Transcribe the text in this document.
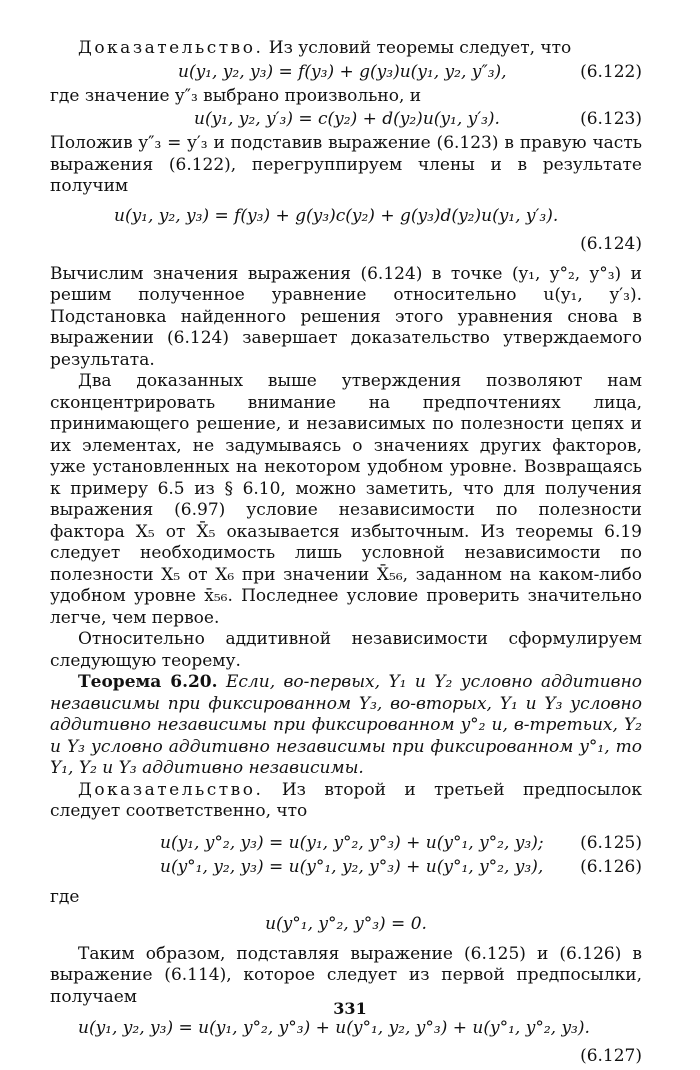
Доказательство. Из условий теоремы следует, что

u(y₁, y₂, y₃) = f(y₃) + g(y₃)u(y₁, y₂, y″₃),	(6.122)

где значение y″₃ выбрано произвольно, и

u(y₁, y₂, y′₃) = c(y₂) + d(y₂)u(y₁, y′₃).	(6.123)

Положив y″₃ = y′₃ и подставив выражение (6.123) в правую часть выражения (6.122), перегруппируем члены и в результате получим

u(y₁, y₂, y₃) = f(y₃) + g(y₃)c(y₂) + g(y₃)d(y₂)u(y₁, y′₃).
(6.124)

Вычислим значения выражения (6.124) в точке (y₁, y°₂, y°₃) и решим полученное уравнение относительно u(y₁, y′₃). Подстановка найденного решения этого уравнения снова в выражении (6.124) завершает доказательство утверждаемого результата.

Два доказанных выше утверждения позволяют нам сконцентрировать внимание на предпочтениях лица, принимающего решение, и независимых по полезности цепях и их элементах, не задумываясь о значениях других факторов, уже установленных на некотором удобном уровне. Возвращаясь к примеру 6.5 из § 6.10, можно заметить, что для получения выражения (6.97) условие независимости по полезности фактора X₅ от X̄₅ оказывается избыточным. Из теоремы 6.19 следует необходимость лишь условной независимости по полезности X₅ от X₆ при значении X̄₅₆, заданном на каком-либо удобном уровне x̄₅₆. Последнее условие проверить значительно легче, чем первое.

Относительно аддитивной независимости сформулируем следующую теорему.

Теорема 6.20. Если, во-первых, Y₁ и Y₂ условно аддитивно независимы при фиксированном Y₃, во-вторых, Y₁ и Y₃ условно аддитивно независимы при фиксированном y°₂ и, в-третьих, Y₂ и Y₃ условно аддитивно независимы при фиксированном y°₁, то Y₁, Y₂ и Y₃ аддитивно независимы.

Доказательство. Из второй и третьей предпосылок следует соответственно, что

u(y₁, y°₂, y₃) = u(y₁, y°₂, y°₃) + u(y°₁, y°₂, y₃); (6.125)
u(y°₁, y₂, y₃) = u(y°₁, y₂, y°₃) + u(y°₁, y°₂, y₃), (6.126)

где

u(y°₁, y°₂, y°₃) = 0.

Таким образом, подставляя выражение (6.125) и (6.126) в выражение (6.114), которое следует из первой предпосылки, получаем

u(y₁, y₂, y₃) = u(y₁, y°₂, y°₃) + u(y°₁, y₂, y°₃) + u(y°₁, y°₂, y₃).
(6.127)
331
